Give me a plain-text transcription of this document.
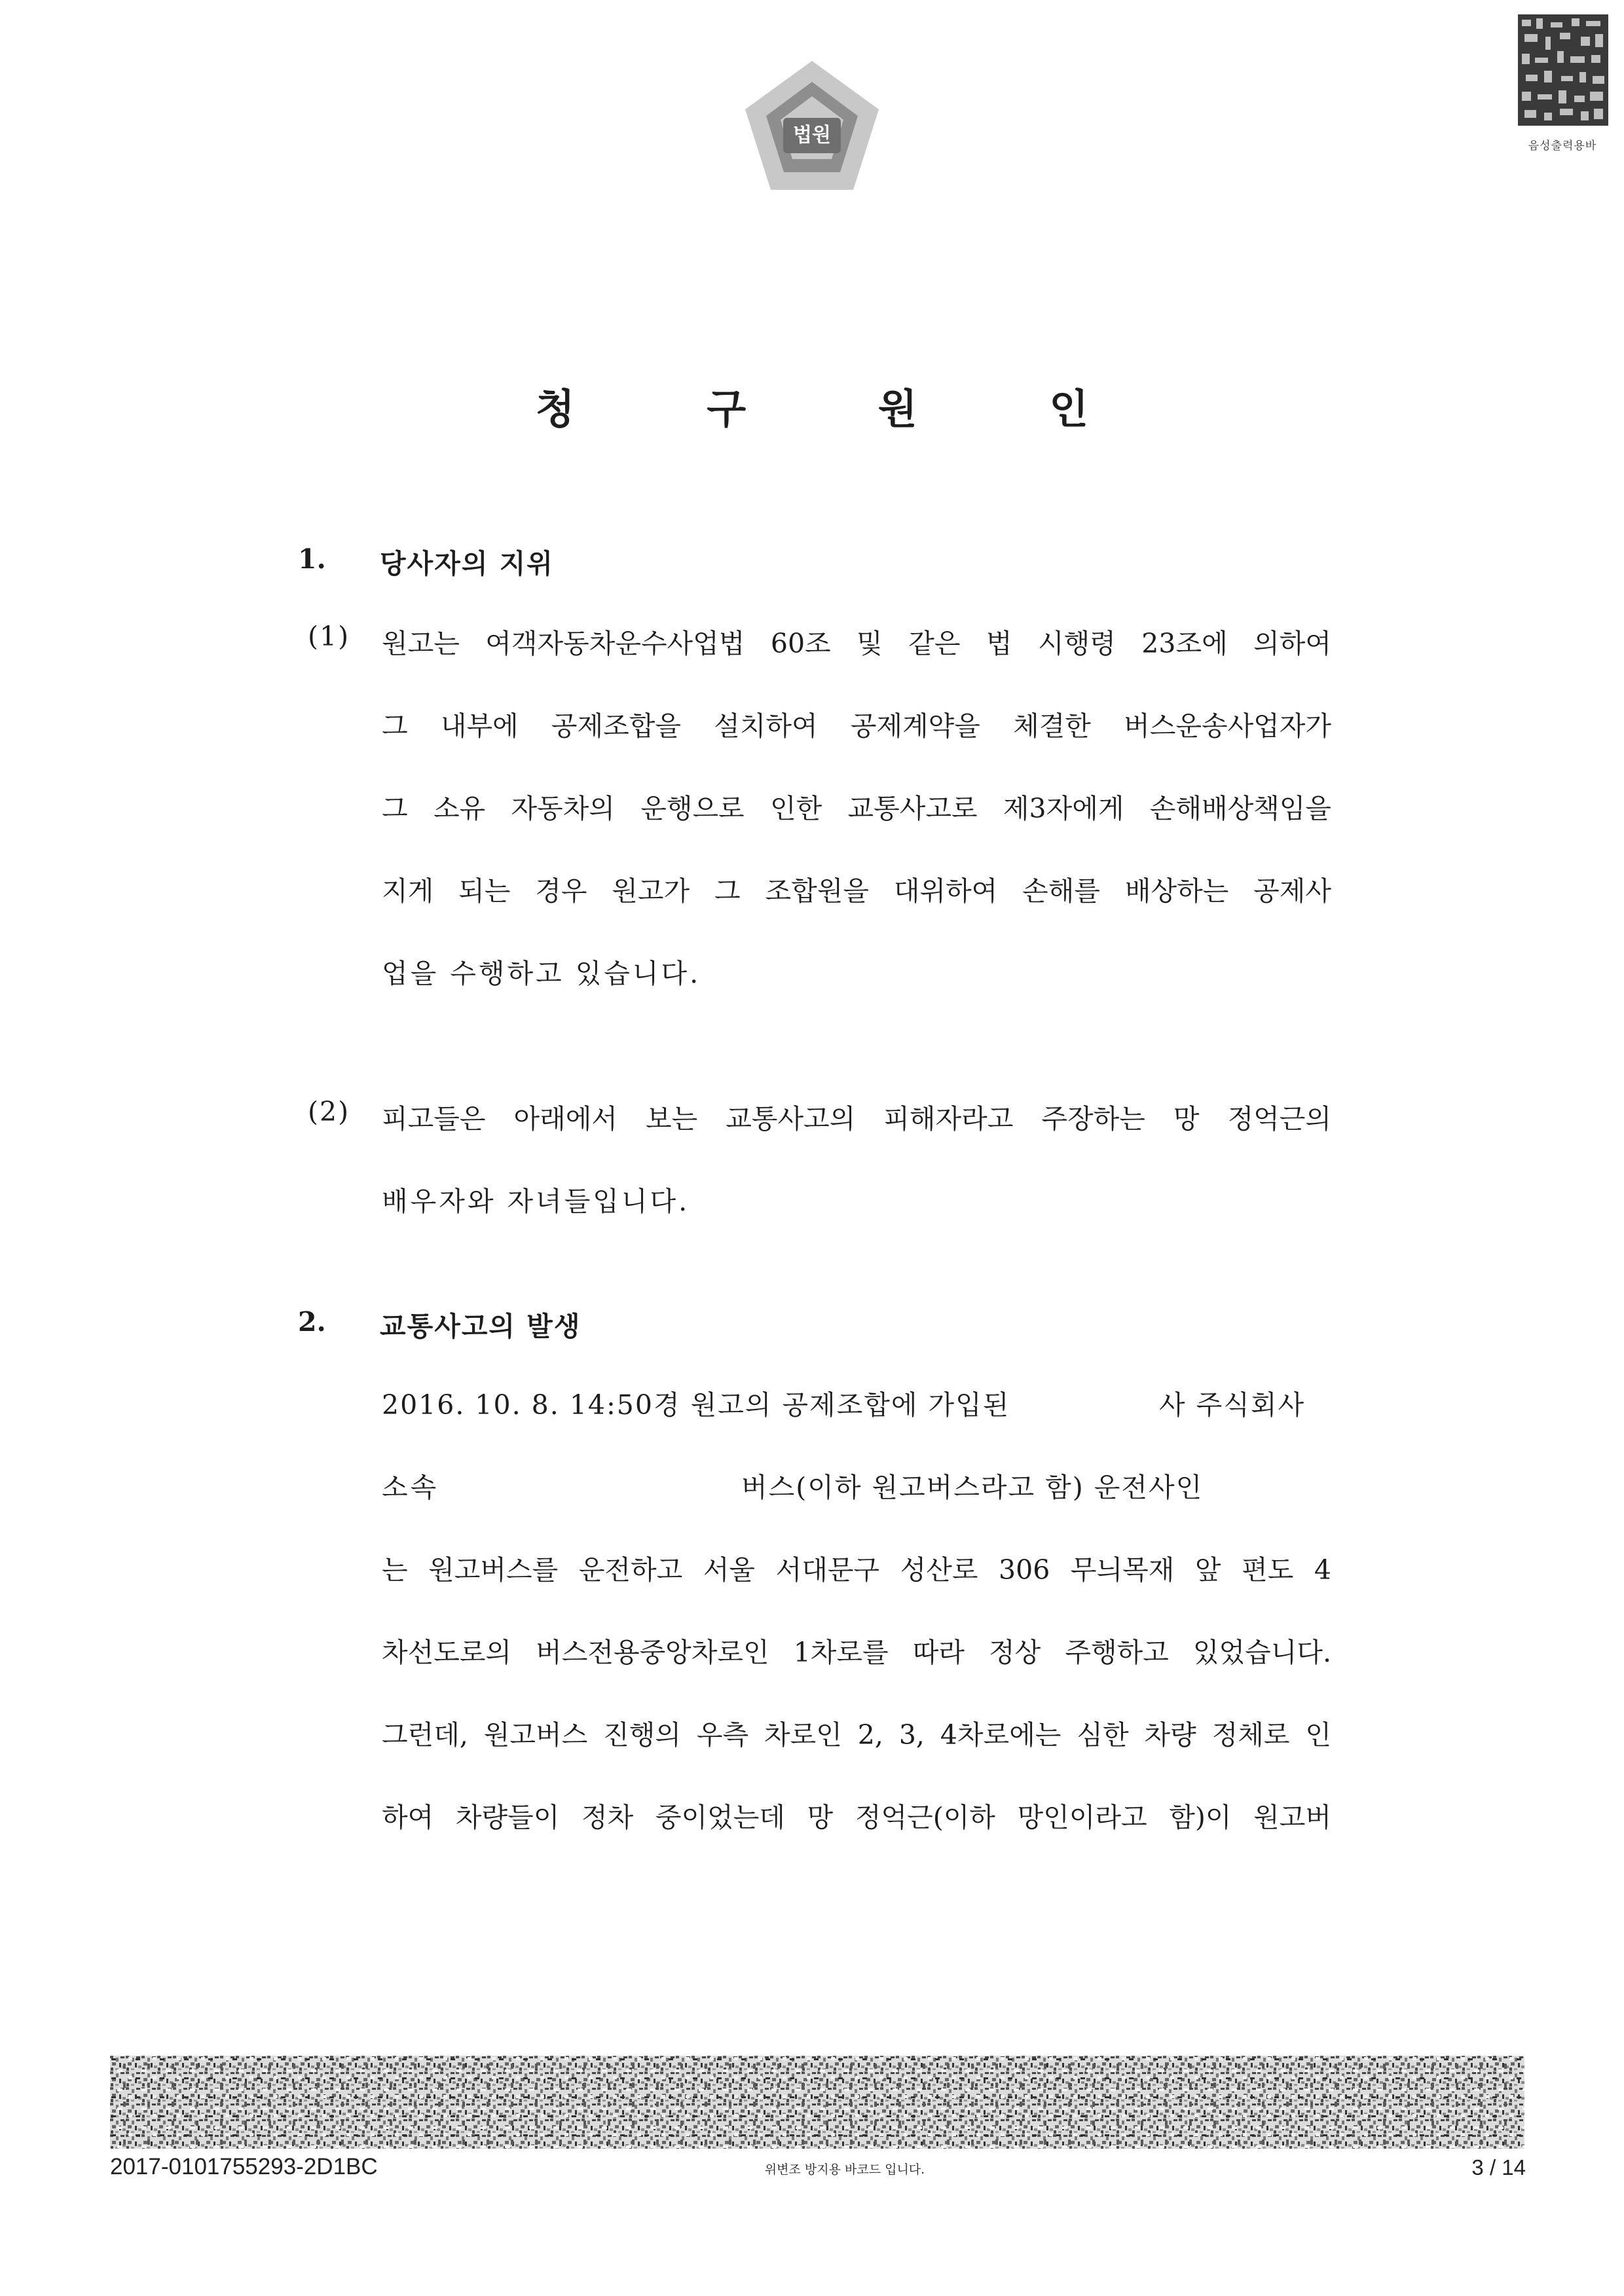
법원	음성출력용바
청 구 원 인
1. 당사자의 지위
(1) 원고는 여객자동차운수사업법 60조 및 같은 법 시행령 23조에 의하여
그 내부에 공제조합을 설치하여 공제계약을 체결한 버스운송사업자가
그 소유 자동차의 운행으로 인한 교통사고로 제3자에게 손해배상책임을
지게 되는 경우 원고가 그 조합원을 대위하여 손해를 배상하는 공제사
업을 수행하고 있습니다.
(2) 피고들은 아래에서 보는 교통사고의 피해자라고 주장하는 망 정억근의
배우자와 자녀들입니다.
2. 교통사고의 발생
2016. 10. 8. 14:50경 원고의 공제조합에 가입된	사 주식회사
소속	버스(이하 원고버스라고 함) 운전사인
는 원고버스를 운전하고 서울 서대문구 성산로 306 무늬목재 앞 편도 4
차선도로의 버스전용중앙차로인 1차로를 따라 정상 주행하고 있었습니다.
그런데, 원고버스 진행의 우측 차로인 2, 3, 4차로에는 심한 차량 정체로 인
하여 차량들이 정차 중이었는데 망 정억근(이하 망인이라고 함)이 원고버
2017-0101755293-2D1BC	위변조 방지용 바코드 입니다.	3 / 14
